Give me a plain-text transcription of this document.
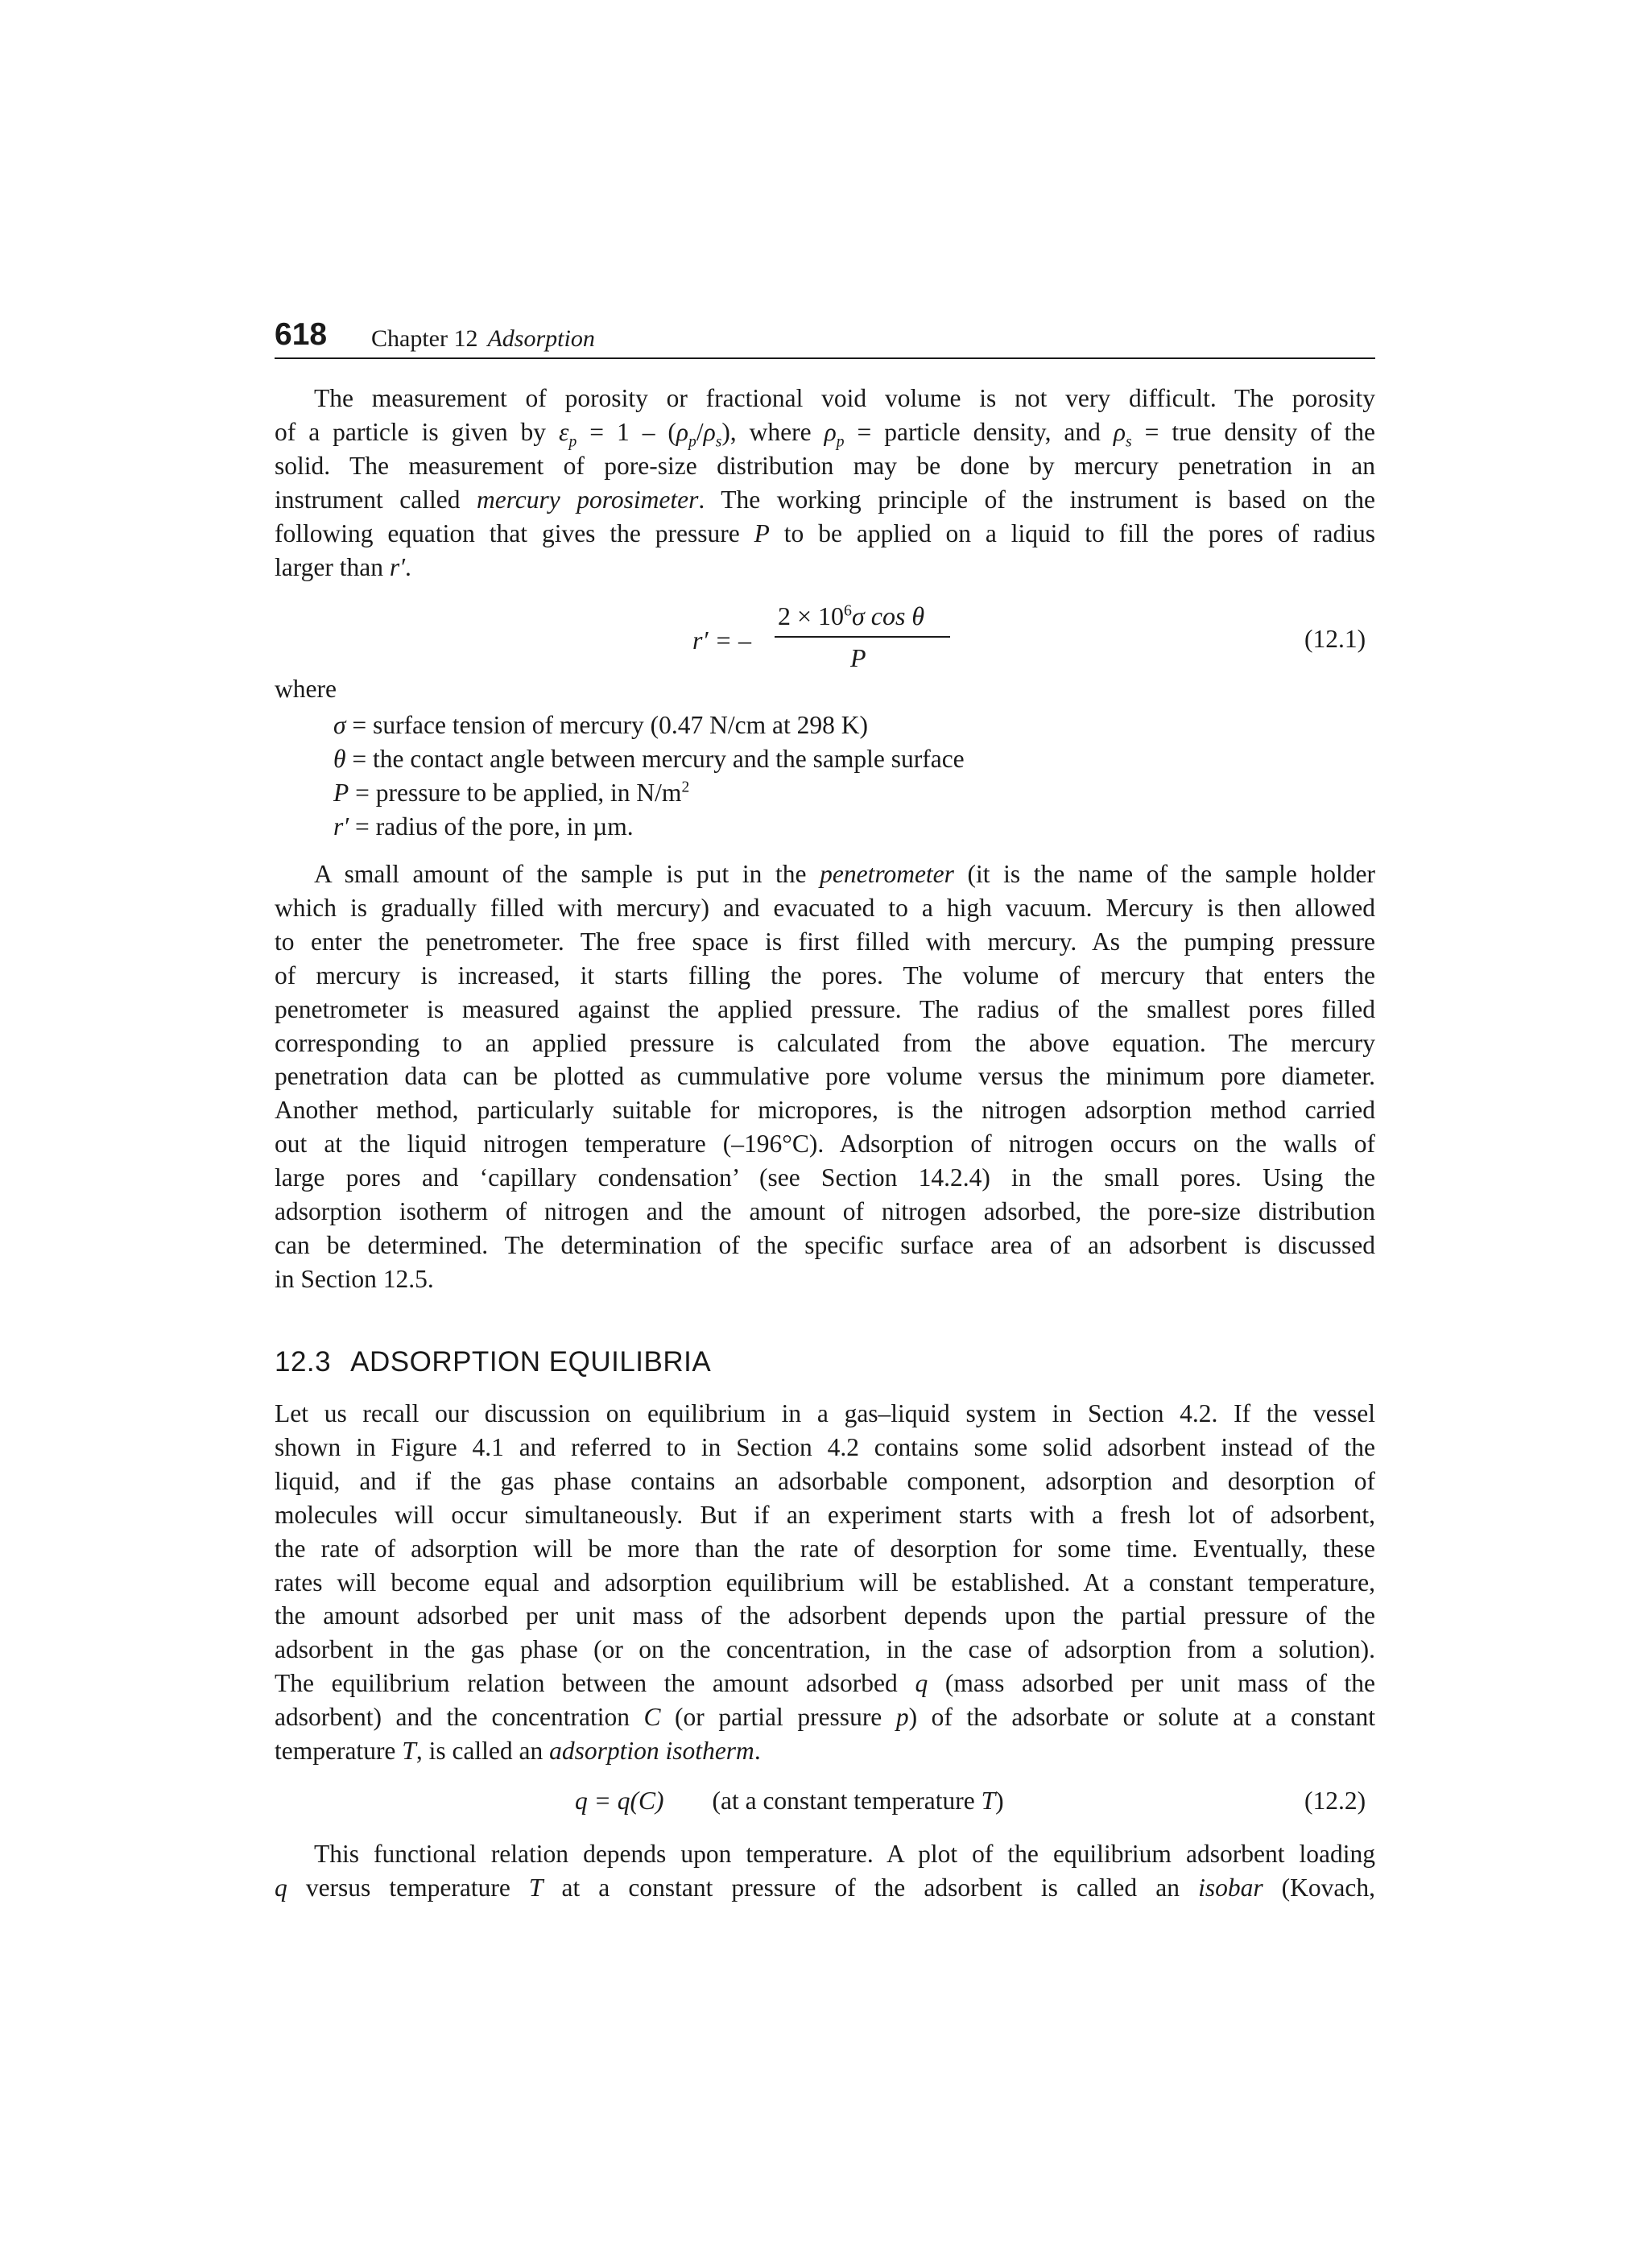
618 Chapter 12 Adsorption
The measurement of porosity or fractional void volume is not very difficult. The porosity
of a particle is given by $\varepsilon_p = 1 - (\rho_p/\rho_s)$, where $\rho_p$ = particle density, and $\rho_s$ = true density of the
solid. The measurement of pore-size distribution may be done by mercury penetration in an
instrument called mercury porosimeter. The working principle of the instrument is based on the
following equation that gives the pressure P to be applied on a liquid to fill the pores of radius
larger than r′.
r′ = –
$2 \times 10^6\sigma$ cos θ
P
(12.1)
where
σ = surface tension of mercury (0.47 N/cm at 298 K)
θ = the contact angle between mercury and the sample surface
P = pressure to be applied, in $N/m^2$
r′ = radius of the pore, in µm.
A small amount of the sample is put in the penetrometer (it is the name of the sample holder
which is gradually filled with mercury) and evacuated to a high vacuum. Mercury is then allowed
to enter the penetrometer. The free space is first filled with mercury. As the pumping pressure
of mercury is increased, it starts filling the pores. The volume of mercury that enters the
penetrometer is measured against the applied pressure. The radius of the smallest pores filled
corresponding to an applied pressure is calculated from the above equation. The mercury
penetration data can be plotted as cummulative pore volume versus the minimum pore diameter.
Another method, particularly suitable for micropores, is the nitrogen adsorption method carried
out at the liquid nitrogen temperature (–196°C). Adsorption of nitrogen occurs on the walls of
large pores and ‘capillary condensation’ (see Section 14.2.4) in the small pores. Using the
adsorption isotherm of nitrogen and the amount of nitrogen adsorbed, the pore-size distribution
can be determined. The determination of the specific surface area of an adsorbent is discussed
in Section 12.5.
12.3 ADSORPTION EQUILIBRIA
Let us recall our discussion on equilibrium in a gas–liquid system in Section 4.2. If the vessel
shown in Figure 4.1 and referred to in Section 4.2 contains some solid adsorbent instead of the
liquid, and if the gas phase contains an adsorbable component, adsorption and desorption of
molecules will occur simultaneously. But if an experiment starts with a fresh lot of adsorbent,
the rate of adsorption will be more than the rate of desorption for some time. Eventually, these
rates will become equal and adsorption equilibrium will be established. At a constant temperature,
the amount adsorbed per unit mass of the adsorbent depends upon the partial pressure of the
adsorbent in the gas phase (or on the concentration, in the case of adsorption from a solution).
The equilibrium relation between the amount adsorbed q (mass adsorbed per unit mass of the
adsorbent) and the concentration C (or partial pressure p) of the adsorbate or solute at a constant
temperature T, is called an adsorption isotherm.
q = q(C) (at a constant temperature T)	(12.2)
This functional relation depends upon temperature. A plot of the equilibrium adsorbent loading
q versus temperature T at a constant pressure of the adsorbent is called an isobar (Kovach,
